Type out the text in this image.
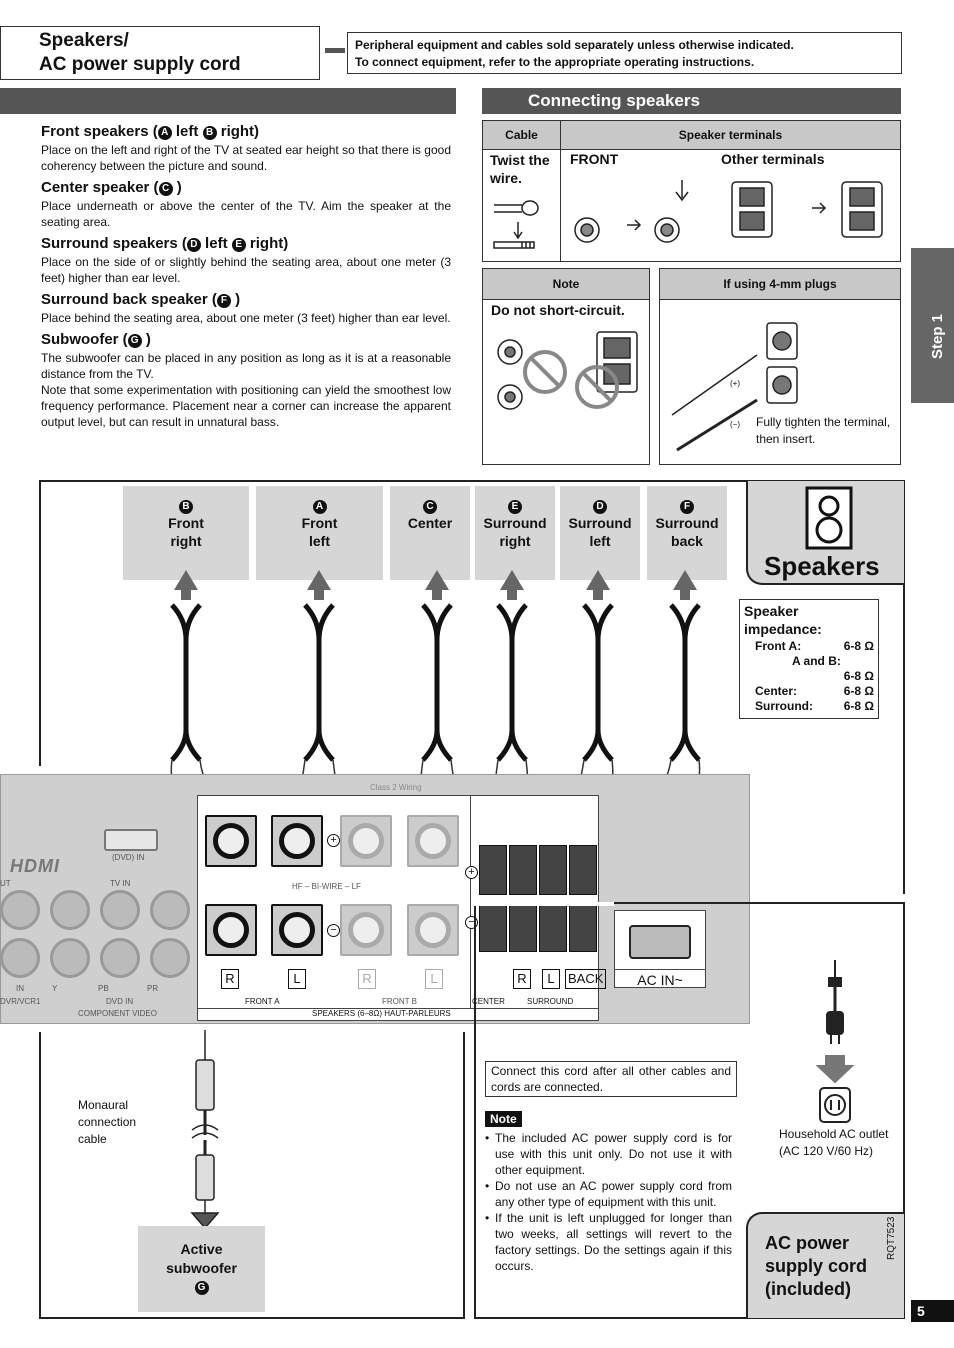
Speakers/
AC power supply cord
Peripheral equipment and cables sold separately unless otherwise indicated.
To connect equipment, refer to the appropriate operating instructions.
Front speakers ( A left B right)
Place on the left and right of the TV at seated ear height so that there is good coherency between the picture and sound.
Center speaker ( C )
Place underneath or above the center of the TV. Aim the speaker at the seating area.
Surround speakers ( D left E right)
Place on the side of or slightly behind the seating area, about one meter (3 feet) higher than ear level.
Surround back speaker ( F )
Place behind the seating area, about one meter (3 feet) higher than ear level.
Subwoofer ( G )
The subwoofer can be placed in any position as long as it is at a reasonable distance from the TV.
Note that some experimentation with positioning can yield the smoothest low frequency performance. Placement near a corner can increase the apparent output level, but can result in unnatural bass.
Connecting speakers
Cable	Speaker terminals
Twist the wire.
FRONT	Other terminals
Note	If using 4-mm plugs
Do not short-circuit.
(+)
(−) Fully tighten the terminal, then insert.
Step 1
B
Front
right
A
Front
left
C
Center
E
Surround
right
D
Surround
left
F
Surround
back
Speakers
Speaker impedance:
Front A:	6-8 Ω
A and B:
6-8 Ω
Center:	6-8 Ω
Surround:	6-8 Ω
Class 2 Wiring
(DVD) IN
HDMI
UT	TV IN
IN	Y	PB	PR
DVR/VCR1	DVD IN
COMPONENT VIDEO
R	L	R	L	R	L	BACK
+
−
+
−
HF – BI-WIRE – LF
FRONT A	FRONT B	CENTER	SURROUND
SPEAKERS (6–8Ω) HAUT-PARLEURS
AC IN~
Monaural connection cable
Active
subwoofer
G
Connect this cord after all other cables and cords are connected.
Note
• The included AC power supply cord is for use with this unit only. Do not use it with other equipment.
• Do not use an AC power supply cord from any other type of equipment with this unit.
• If the unit is left unplugged for longer than two weeks, all settings will revert to the factory settings. Do the settings again if this occurs.
Household AC outlet
(AC 120 V/60 Hz)
AC power supply cord (included)
RQT7523
5
